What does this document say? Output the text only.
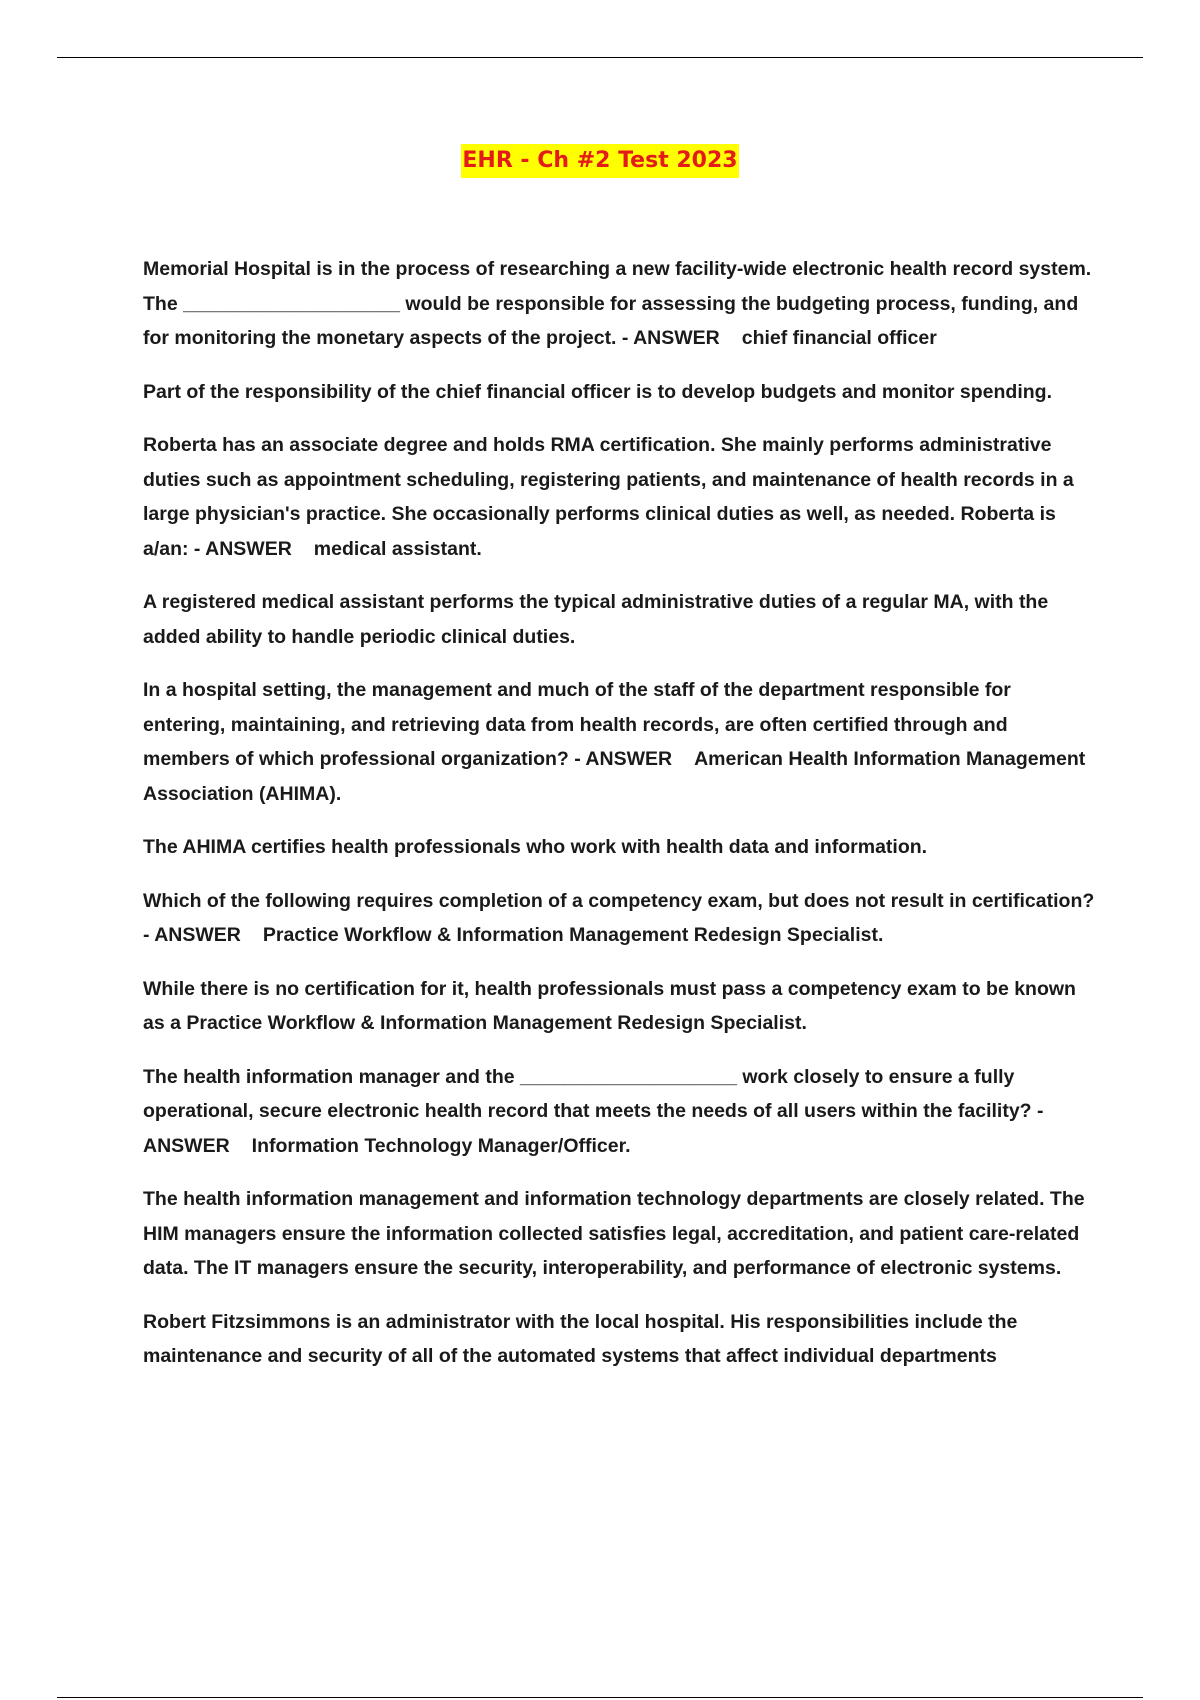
EHR - Ch #2 Test 2023

Memorial Hospital is in the process of researching a new facility-wide electronic health record system. The ____________________ would be responsible for assessing the budgeting process, funding, and for monitoring the monetary aspects of the project. - ANSWER chief financial officer

Part of the responsibility of the chief financial officer is to develop budgets and monitor spending.

Roberta has an associate degree and holds RMA certification. She mainly performs administrative duties such as appointment scheduling, registering patients, and maintenance of health records in a large physician's practice. She occasionally performs clinical duties as well, as needed. Roberta is a/an: - ANSWER medical assistant.

A registered medical assistant performs the typical administrative duties of a regular MA, with the added ability to handle periodic clinical duties.

In a hospital setting, the management and much of the staff of the department responsible for entering, maintaining, and retrieving data from health records, are often certified through and members of which professional organization? - ANSWER American Health Information Management Association (AHIMA).

The AHIMA certifies health professionals who work with health data and information.

Which of the following requires completion of a competency exam, but does not result in certification? - ANSWER Practice Workflow & Information Management Redesign Specialist.

While there is no certification for it, health professionals must pass a competency exam to be known as a Practice Workflow & Information Management Redesign Specialist.

The health information manager and the ____________________ work closely to ensure a fully operational, secure electronic health record that meets the needs of all users within the facility? - ANSWER Information Technology Manager/Officer.

The health information management and information technology departments are closely related. The HIM managers ensure the information collected satisfies legal, accreditation, and patient care-related data. The IT managers ensure the security, interoperability, and performance of electronic systems.

Robert Fitzsimmons is an administrator with the local hospital. His responsibilities include the maintenance and security of all of the automated systems that affect individual departments
